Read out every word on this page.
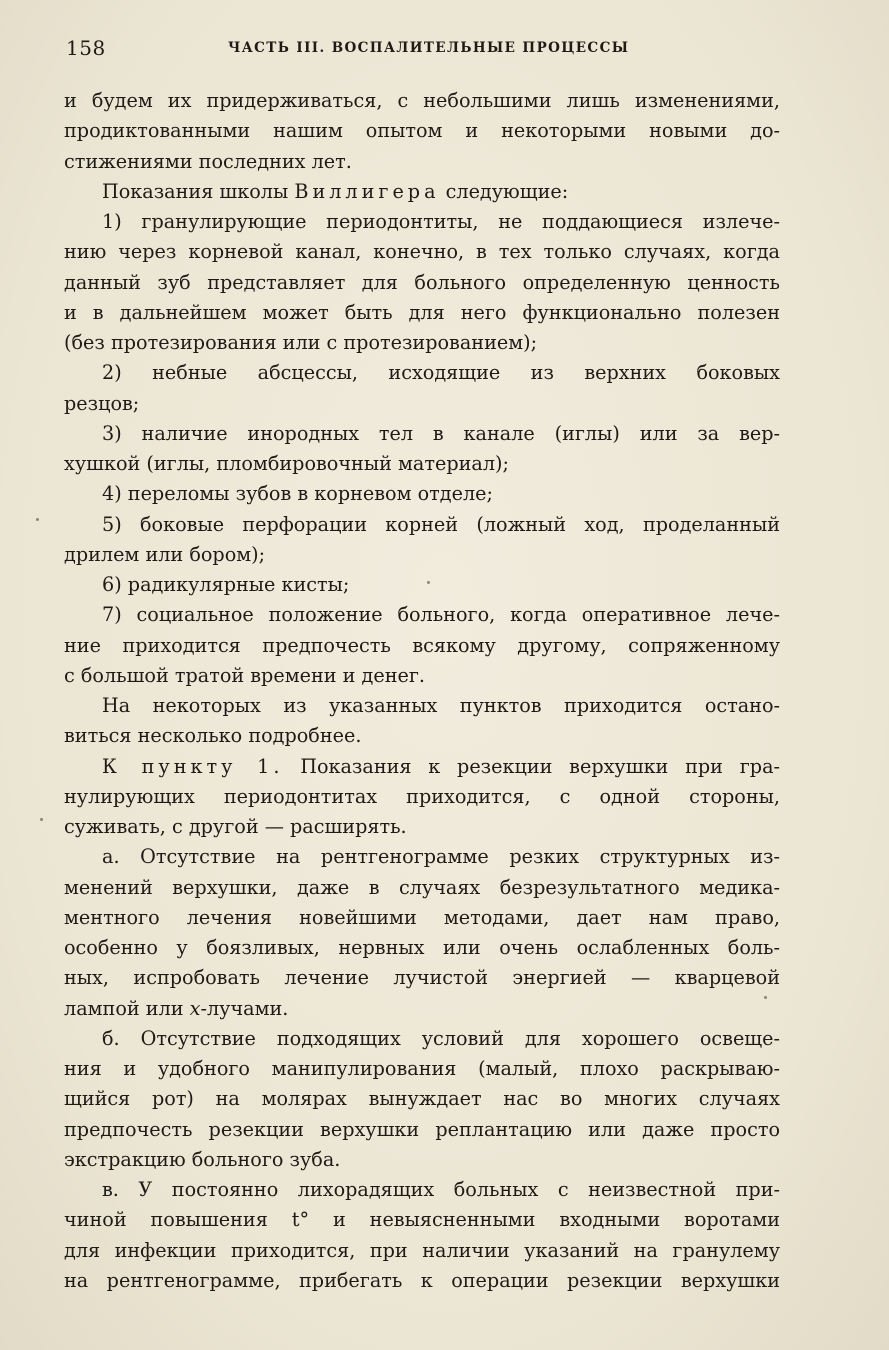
158	ЧАСТЬ III. ВОСПАЛИТЕЛЬНЫЕ ПРОЦЕССЫ

и будем их придерживаться, с небольшими лишь изменениями,
продиктованными нашим опытом и некоторыми новыми до-
стижениями последних лет.

Показания школы Виллигера следующие:

1) гранулирующие периодонтиты, не поддающиеся излече-
нию через корневой канал, конечно, в тех только случаях, когда
данный зуб представляет для больного определенную ценность
и в дальнейшем может быть для него функционально полезен
(без протезирования или с протезированием);

2) небные абсцессы, исходящие из верхних боковых
резцов;

3) наличие инородных тел в канале (иглы) или за вер-
хушкой (иглы, пломбировочный материал);

4) переломы зубов в корневом отделе;

5) боковые перфорации корней (ложный ход, проделанный
дрилем или бором);

6) радикулярные кисты;

7) социальное положение больного, когда оперативное лече-
ние приходится предпочесть всякому другому, сопряженному
с большой тратой времени и денег.

На некоторых из указанных пунктов приходится остано-
виться несколько подробнее.

К пункту 1. Показания к резекции верхушки при гра-
нулирующих периодонтитах приходится, с одной стороны,
суживать, с другой — расширять.

а. Отсутствие на рентгенограмме резких структурных из-
менений верхушки, даже в случаях безрезультатного медика-
ментного лечения новейшими методами, дает нам право,
особенно у боязливых, нервных или очень ослабленных боль-
ных, испробовать лечение лучистой энергией — кварцевой
лампой или x-лучами.

б. Отсутствие подходящих условий для хорошего освеще-
ния и удобного манипулирования (малый, плохо раскрываю-
щийся рот) на молярах вынуждает нас во многих случаях
предпочесть резекции верхушки реплантацию или даже просто
экстракцию больного зуба.

в. У постоянно лихорадящих больных с неизвестной при-
чиной повышения t° и невыясненными входными воротами
для инфекции приходится, при наличии указаний на гранулему
на рентгенограмме, прибегать к операции резекции верхушки
